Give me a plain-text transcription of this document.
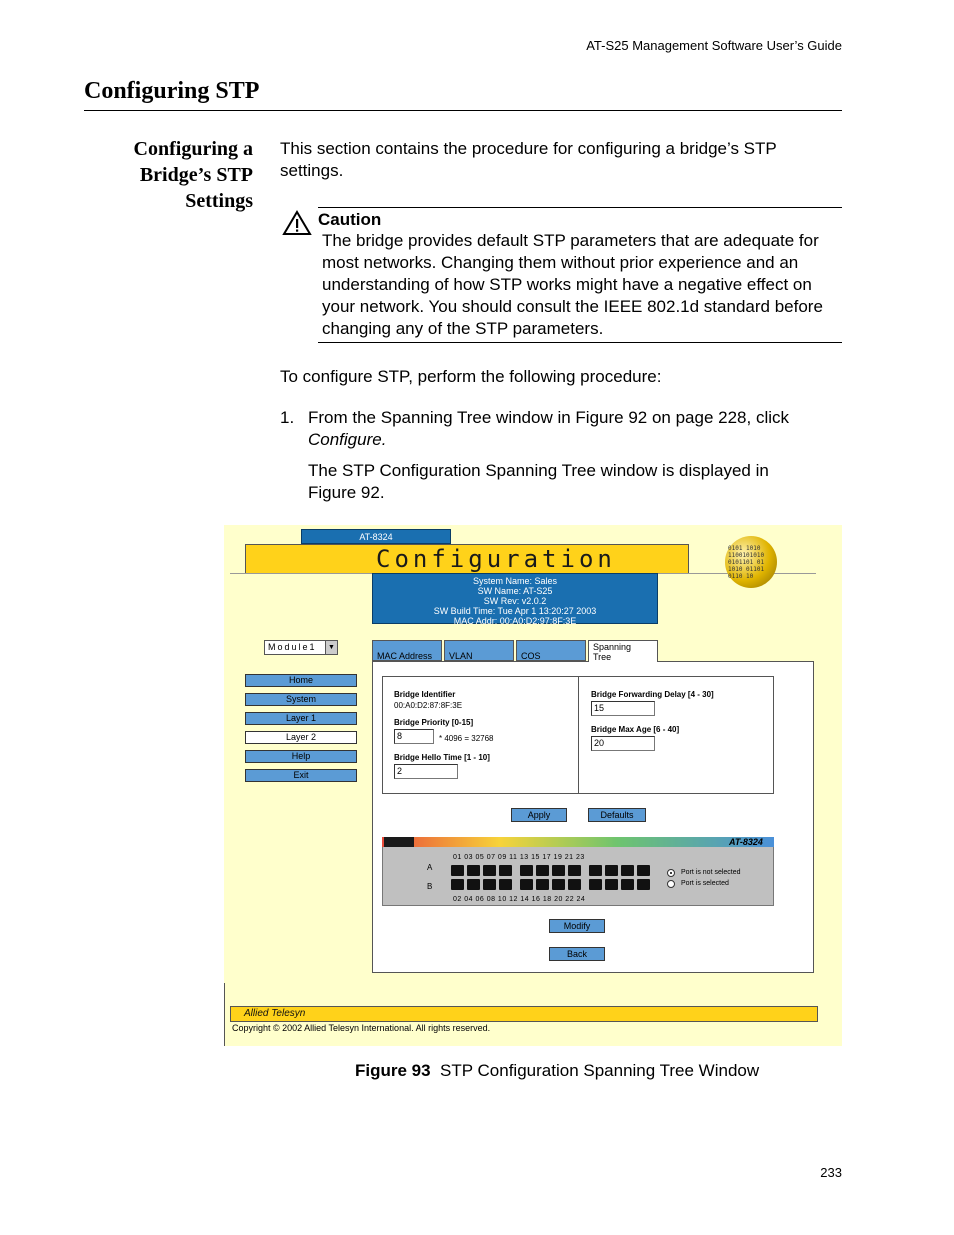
AT-S25 Management Software User’s Guide
Configuring STP
Configuring a
Bridge’s STP
Settings
This section contains the procedure for configuring a bridge’s STP settings.
Caution
The bridge provides default STP parameters that are adequate for most networks. Changing them without prior experience and an understanding of how STP works might have a negative effect on your network. You should consult the IEEE 802.1d standard before changing any of the STP parameters.
To configure STP, perform the following procedure:
1. From the Spanning Tree window in Figure 92 on page 228, click Configure.
The STP Configuration Spanning Tree window is displayed in Figure 92.
AT-8324
Configuration	0101 1010
1100101010
0101101 01
1010 01101
0110 10
System Name: Sales
SW Name: AT-S25
SW Rev: v2.0.2
SW Build Time: Tue Apr 1 13:20:27 2003
MAC Addr: 00:A0:D2:97:8F:3E
Module1	▼
Home
System
Layer 1
Layer 2
Help
Exit
MAC Address	VLAN	COS
Spanning
Tree
Bridge Identifier
00:A0:D2:87:8F:3E
Bridge Priority [0-15]
8	* 4096 = 32768
Bridge Hello Time [1 - 10]
2
Bridge Forwarding Delay [4 - 30]
15
Bridge Max Age [6 - 40]
20
Apply	Defaults
AT-8324
01 03 05 07 09 11 13 15 17 19 21 23
02 04 06 08 10 12 14 16 18 20 22 24
A
B
Port is not selected
Port is selected
Modify
Back
Allied Telesyn
Copyright © 2002 Allied Telesyn International. All rights reserved.
Figure 93 STP Configuration Spanning Tree Window
233
